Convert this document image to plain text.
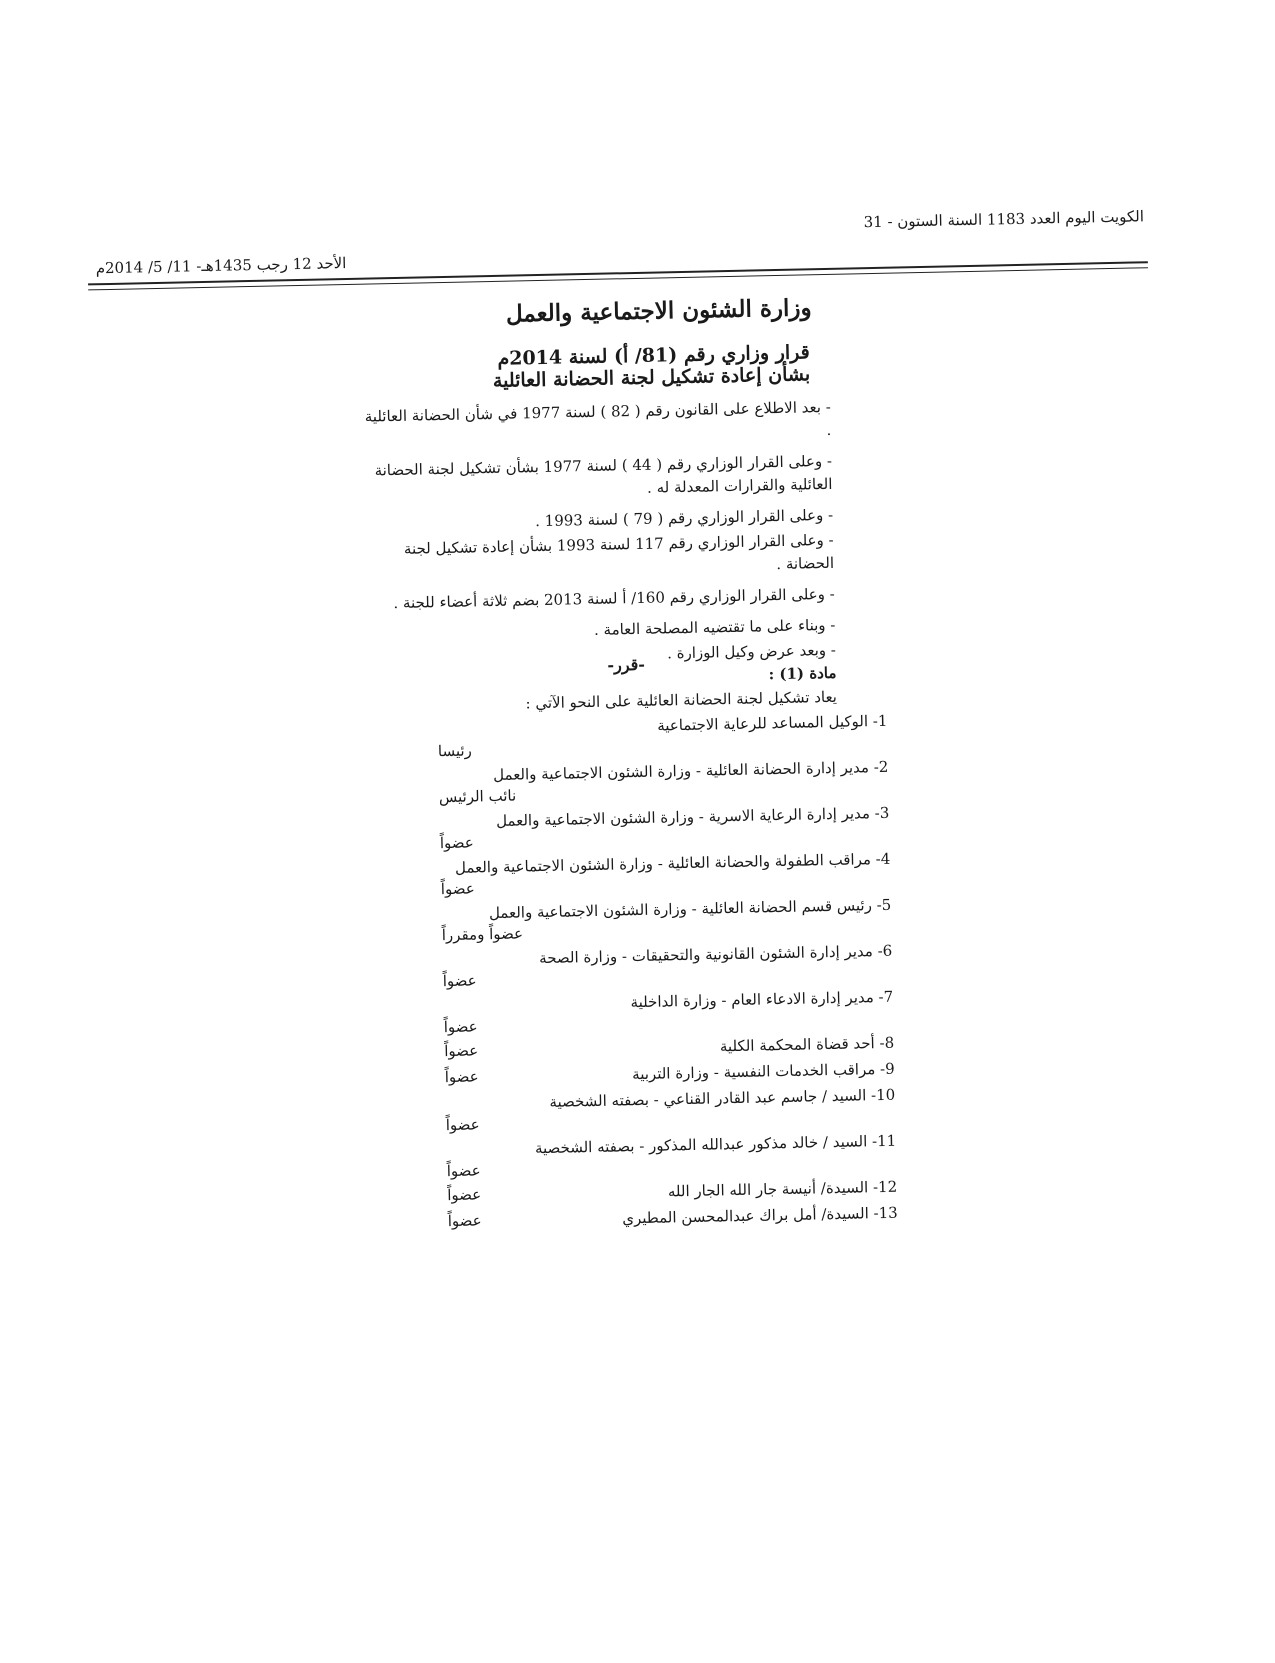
الكويت اليوم العدد 1183 السنة الستون - 31
الأحد 12 رجب 1435هـ- 11/ 5/ 2014م
وزارة الشئون الاجتماعية والعمل
قرار وزاري رقم (81/ أ) لسنة 2014م
بشأن إعادة تشكيل لجنة الحضانة العائلية

- بعد الاطلاع على القانون رقم ( 82 ) لسنة 1977 في شأن الحضانة العائلية .

- وعلى القرار الوزاري رقم ( 44 ) لسنة 1977 بشأن تشكيل لجنة الحضانة العائلية والقرارات المعدلة له .

- وعلى القرار الوزاري رقم ( 79 ) لسنة 1993 .

- وعلى القرار الوزاري رقم 117 لسنة 1993 بشأن إعادة تشكيل لجنة الحضانة .

- وعلى القرار الوزاري رقم 160/ أ لسنة 2013 بضم ثلاثة أعضاء للجنة .

- وبناء على ما تقتضيه المصلحة العامة .

- وبعد عرض وكيل الوزارة .

-قرر-	مادة (1) :
يعاد تشكيل لجنة الحضانة العائلية على النحو الآتي :
1- الوكيل المساعد للرعاية الاجتماعية
رئيسا
2- مدير إدارة الحضانة العائلية - وزارة الشئون الاجتماعية والعمل
نائب الرئيس
3- مدير إدارة الرعاية الاسرية - وزارة الشئون الاجتماعية والعمل
عضواً
4- مراقب الطفولة والحضانة العائلية - وزارة الشئون الاجتماعية والعمل
عضواً
5- رئيس قسم الحضانة العائلية - وزارة الشئون الاجتماعية والعمل
عضواً ومقرراً
6- مدير إدارة الشئون القانونية والتحقيقات - وزارة الصحة
عضواً
7- مدير إدارة الادعاء العام - وزارة الداخلية
عضواً
8- أحد قضاة المحكمة الكلية
عضواً
9- مراقب الخدمات النفسية - وزارة التربية
عضواً
10- السيد / جاسم عبد القادر القناعي - بصفته الشخصية
عضواً
11- السيد / خالد مذكور عبدالله المذكور - بصفته الشخصية
عضواً
12- السيدة/ أنيسة جار الله الجار الله
عضواً
13- السيدة/ أمل براك عبدالمحسن المطيري
عضواً
